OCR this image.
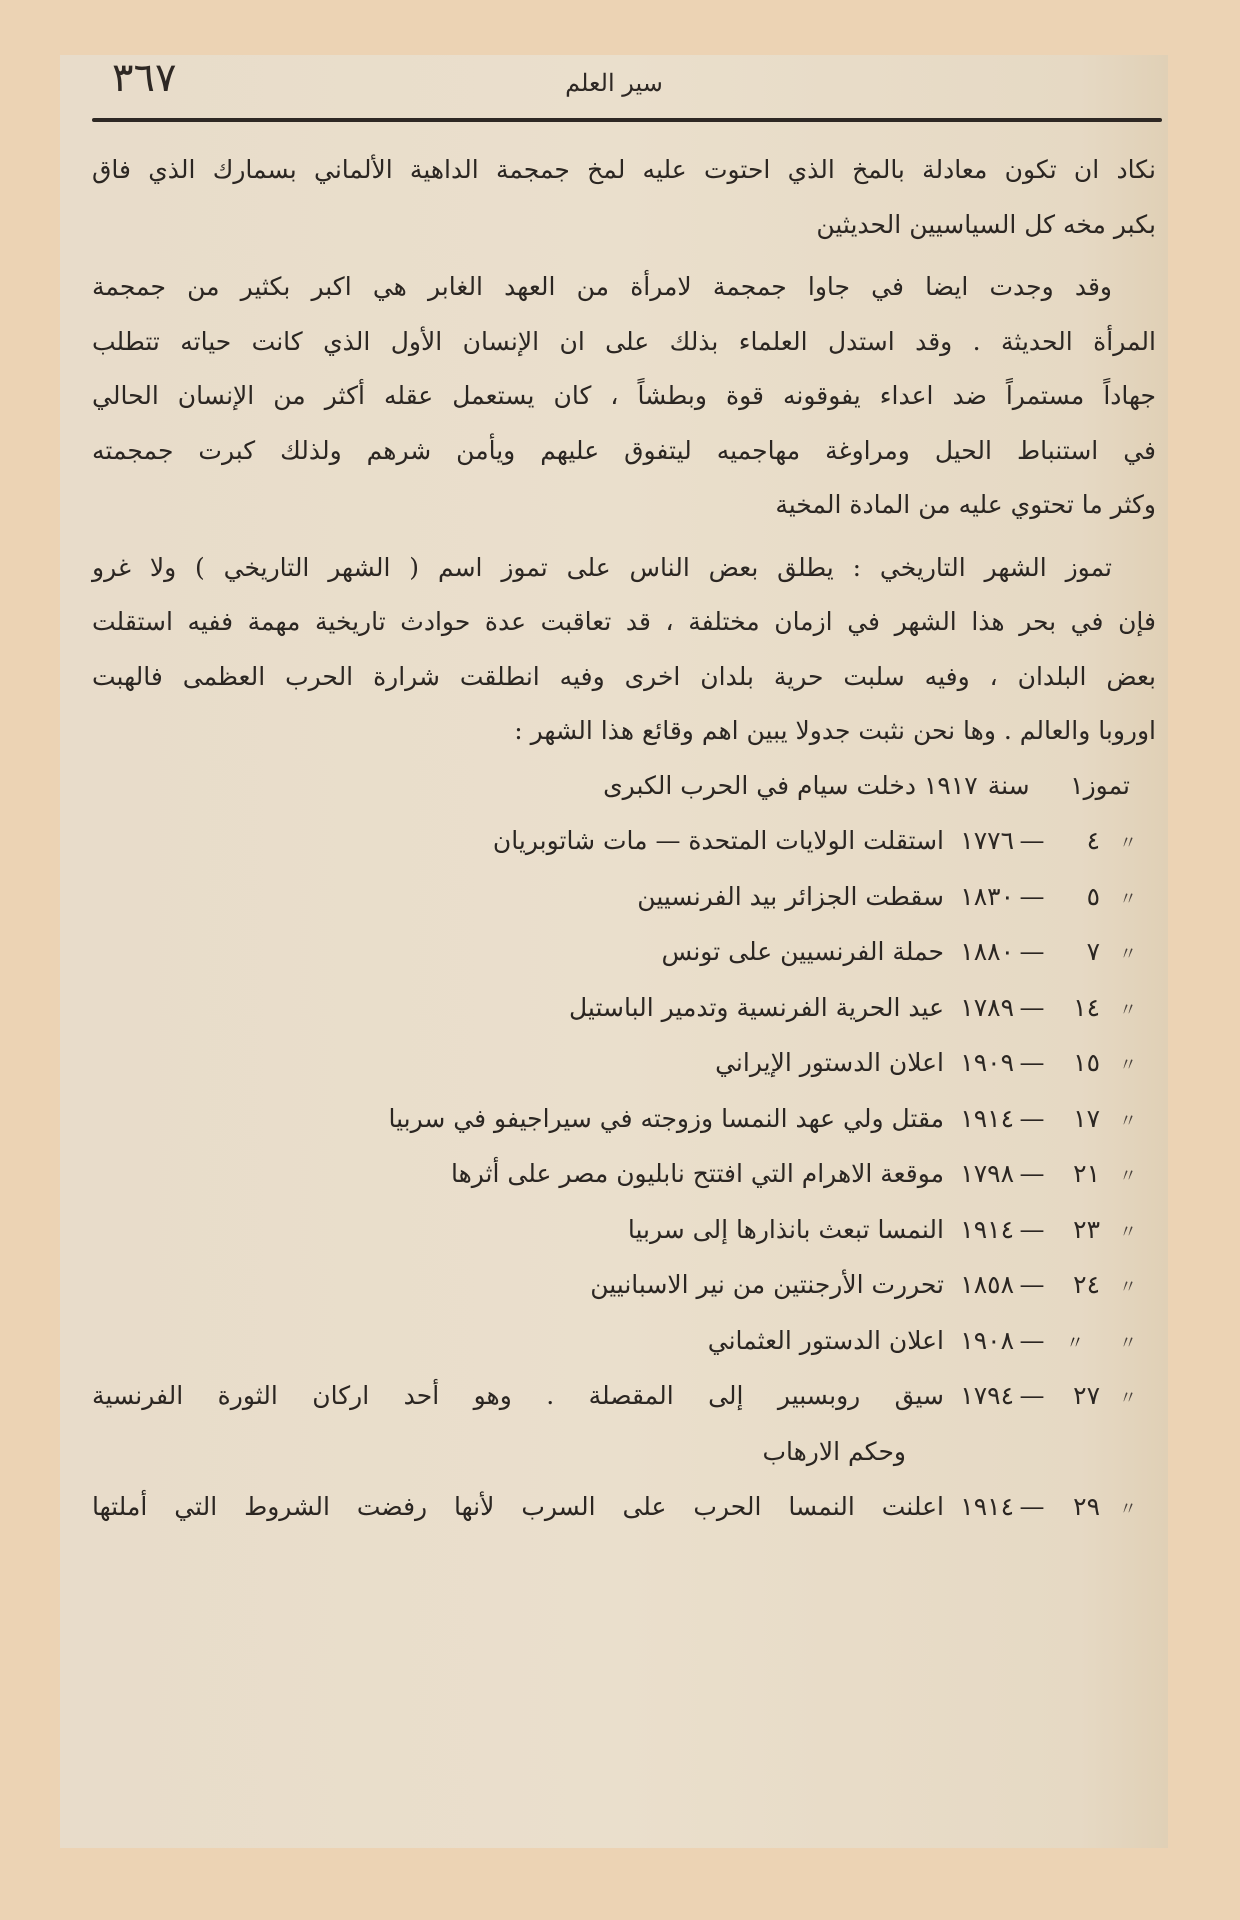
٣٦٧	سير العلم
نكاد ان تكون معادلة بالمخ الذي احتوت عليه لمخ جمجمة الداهية الألماني بسمارك الذي فاق
بكبر مخه كل السياسيين الحديثين
وقد وجدت ايضا في جاوا جمجمة لامرأة من العهد الغابر هي اكبر بكثير من جمجمة
المرأة الحديثة . وقد استدل العلماء بذلك على ان الإنسان الأول الذي كانت حياته تتطلب
جهاداً مستمراً ضد اعداء يفوقونه قوة وبطشاً ، كان يستعمل عقله أكثر من الإنسان الحالي
في استنباط الحيل ومراوغة مهاجميه ليتفوق عليهم ويأمن شرهم ولذلك كبرت جمجمته
وكثر ما تحتوي عليه من المادة المخية
تموز الشهر التاريخي : يطلق بعض الناس على تموز اسم ( الشهر التاريخي ) ولا غرو
فإن في بحر هذا الشهر في ازمان مختلفة ، قد تعاقبت عدة حوادث تاريخية مهمة ففيه استقلت
بعض البلدان ، وفيه سلبت حرية بلدان اخرى وفيه انطلقت شرارة الحرب العظمى فالهبت
اوروبا والعالم . وها نحن نثبت جدولا يبين اهم وقائع هذا الشهر :
تموز
١
سنة
١٩١٧
دخلت سيام في الحرب الكبرى
〃
٤
—
١٧٧٦
استقلت الولايات المتحدة — مات شاتوبريان
〃
٥
—
١٨٣٠
سقطت الجزائر بيد الفرنسيين
〃
٧
—
١٨٨٠
حملة الفرنسيين على تونس
〃
١٤
—
١٧٨٩
عيد الحرية الفرنسية وتدمير الباستيل
〃
١٥
—
١٩٠٩
اعلان الدستور الإيراني
〃
١٧
—
١٩١٤
مقتل ولي عهد النمسا وزوجته في سيراجيفو في سربيا
〃
٢١
—
١٧٩٨
موقعة الاهرام التي افتتح نابليون مصر على أثرها
〃
٢٣
—
١٩١٤
النمسا تبعث بانذارها إلى سربيا
〃
٢٤
—
١٨٥٨
تحررت الأرجنتين من نير الاسبانيين
〃
〃
—
١٩٠٨
اعلان الدستور العثماني
〃
٢٧
—
١٧٩٤
سيق روبسبير إلى المقصلة . وهو أحد اركان الثورة الفرنسية
وحكم الارهاب
〃
٢٩
—
١٩١٤
اعلنت النمسا الحرب على السرب لأنها رفضت الشروط التي أملتها
